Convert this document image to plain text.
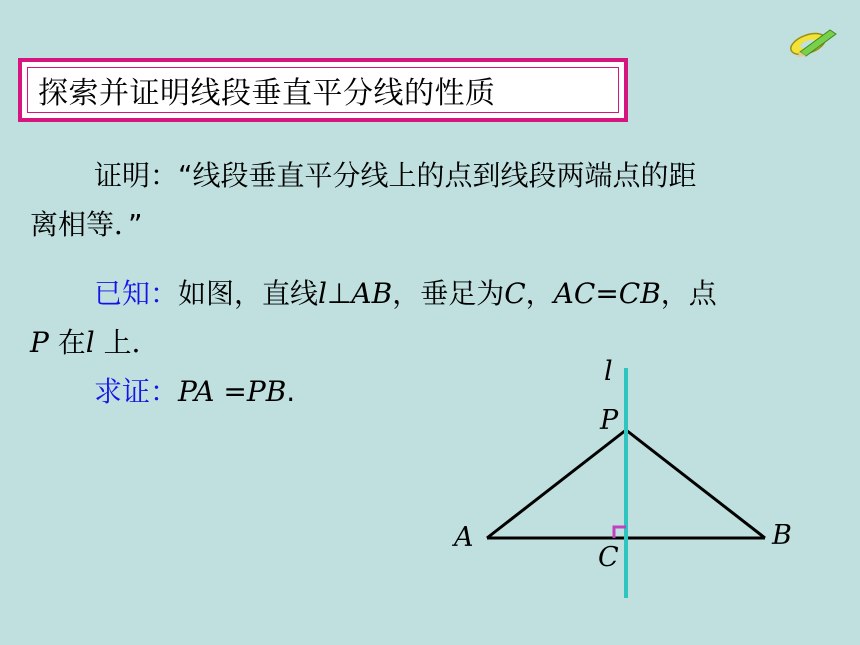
探索并证明线段垂直平分线的性质
证明：“线段垂直平分线上的点到线段两端点的距
离相等．”
已知：如图，直线l⊥AB，垂足为C，AC=CB，点
P 在l 上．
求证：PA =PB.
l
P
A	B
C
